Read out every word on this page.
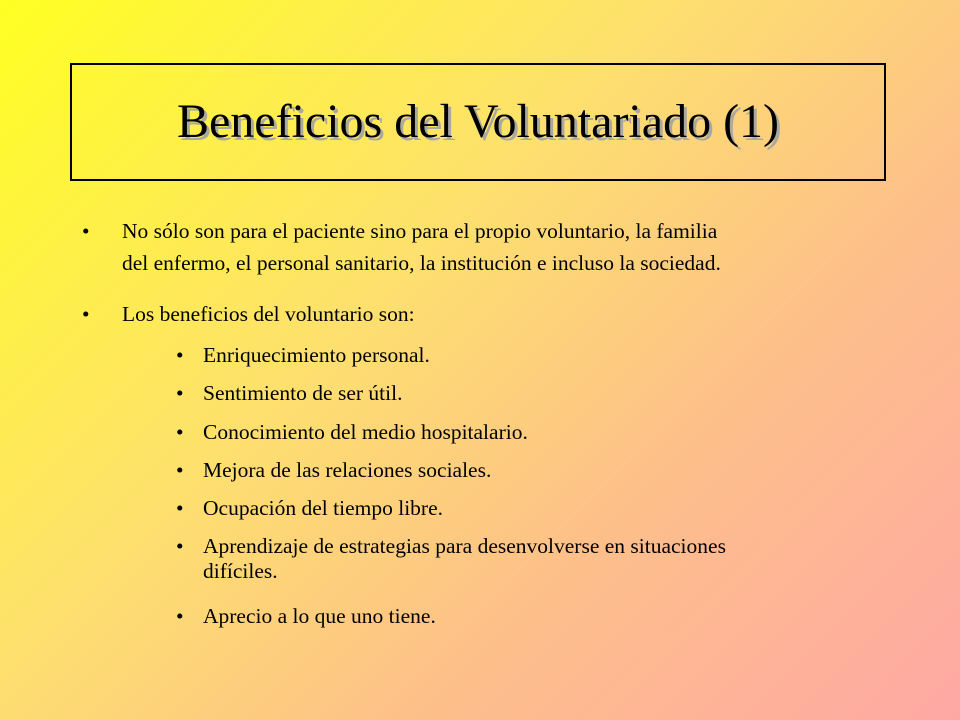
Beneficios del Voluntariado (1)
• No sólo son para el paciente sino para el propio voluntario, la familia
del enfermo, el personal sanitario, la institución e incluso la sociedad.
• Los beneficios del voluntario son:
• Enriquecimiento personal.
• Sentimiento de ser útil.
• Conocimiento del medio hospitalario.
• Mejora de las relaciones sociales.
• Ocupación del tiempo libre.
• Aprendizaje de estrategias para desenvolverse en situaciones
difíciles.
• Aprecio a lo que uno tiene.
